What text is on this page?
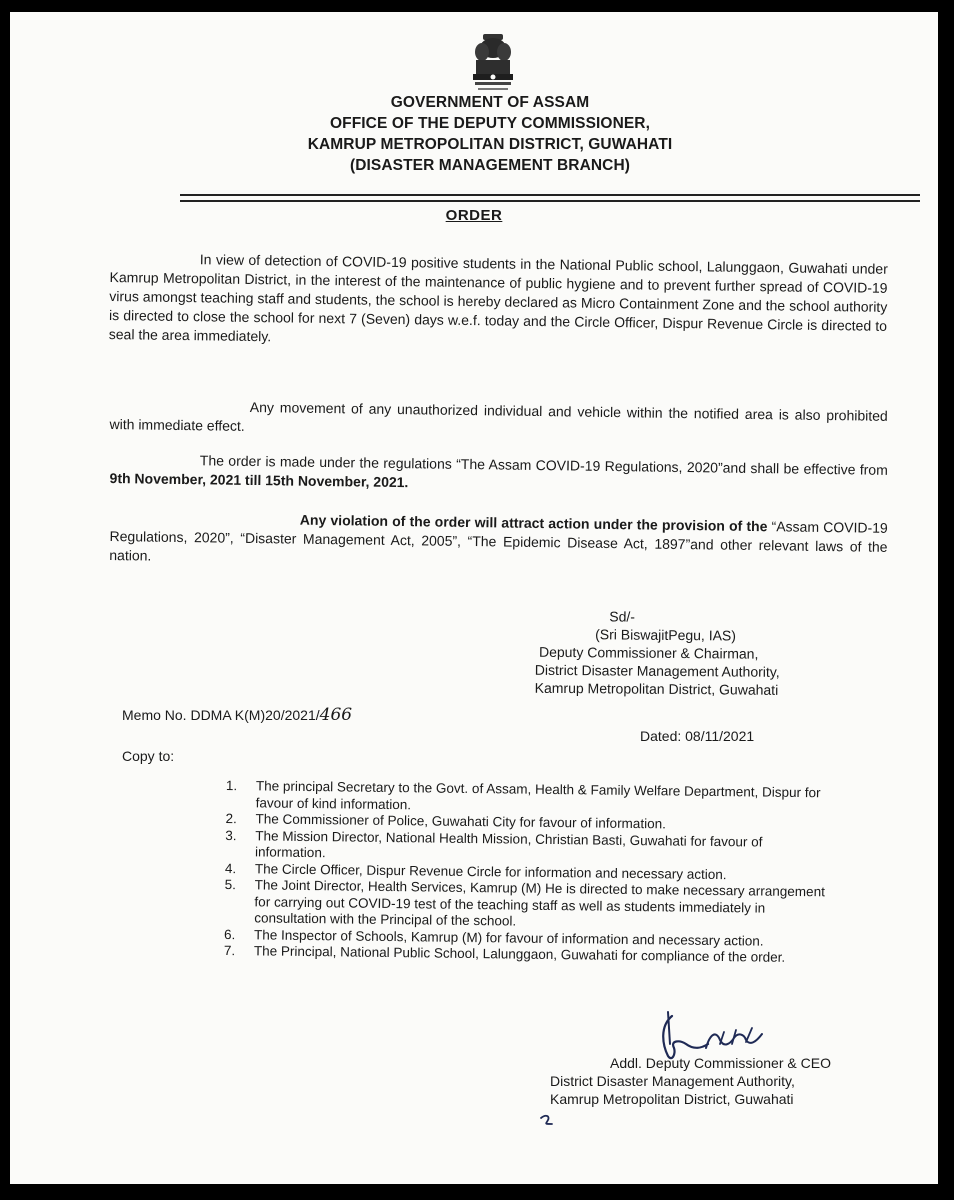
GOVERNMENT OF ASSAM
OFFICE OF THE DEPUTY COMMISSIONER,
KAMRUP METROPOLITAN DISTRICT, GUWAHATI
(DISASTER MANAGEMENT BRANCH)
ORDER
In view of detection of COVID-19 positive students in the National Public school, Lalunggaon, Guwahati under Kamrup Metropolitan District, in the interest of the maintenance of public hygiene and to prevent further spread of COVID-19 virus amongst teaching staff and students, the school is hereby declared as Micro Containment Zone and the school authority is directed to close the school for next 7 (Seven) days w.e.f. today and the Circle Officer, Dispur Revenue Circle is directed to seal the area immediately.
Any movement of any unauthorized individual and vehicle within the notified area is also prohibited with immediate effect.
The order is made under the regulations “The Assam COVID-19 Regulations, 2020”and shall be effective from 9th November, 2021 till 15th November, 2021.
Any violation of the order will attract action under the provision of the “Assam COVID-19 Regulations, 2020”, “Disaster Management Act, 2005”, “The Epidemic Disease Act, 1897”and other relevant laws of the nation.
Sd/-
(Sri BiswajitPegu, IAS)
Deputy Commissioner & Chairman,
District Disaster Management Authority,
Kamrup Metropolitan District, Guwahati
Memo No. DDMA K(M)20/2021/466
Dated: 08/11/2021
Copy to:
1.	The principal Secretary to the Govt. of Assam, Health & Family Welfare Department, Dispur for favour of kind information.
2.	The Commissioner of Police, Guwahati City for favour of information.
3.	The Mission Director, National Health Mission, Christian Basti, Guwahati for favour of information.
4.	The Circle Officer, Dispur Revenue Circle for information and necessary action.
5.	The Joint Director, Health Services, Kamrup (M) He is directed to make necessary arrangement for carrying out COVID-19 test of the teaching staff as well as students immediately in consultation with the Principal of the school.
6.	The Inspector of Schools, Kamrup (M) for favour of information and necessary action.
7.	The Principal, National Public School, Lalunggaon, Guwahati for compliance of the order.
Addl. Deputy Commissioner & CEO
District Disaster Management Authority,
Kamrup Metropolitan District, Guwahati
